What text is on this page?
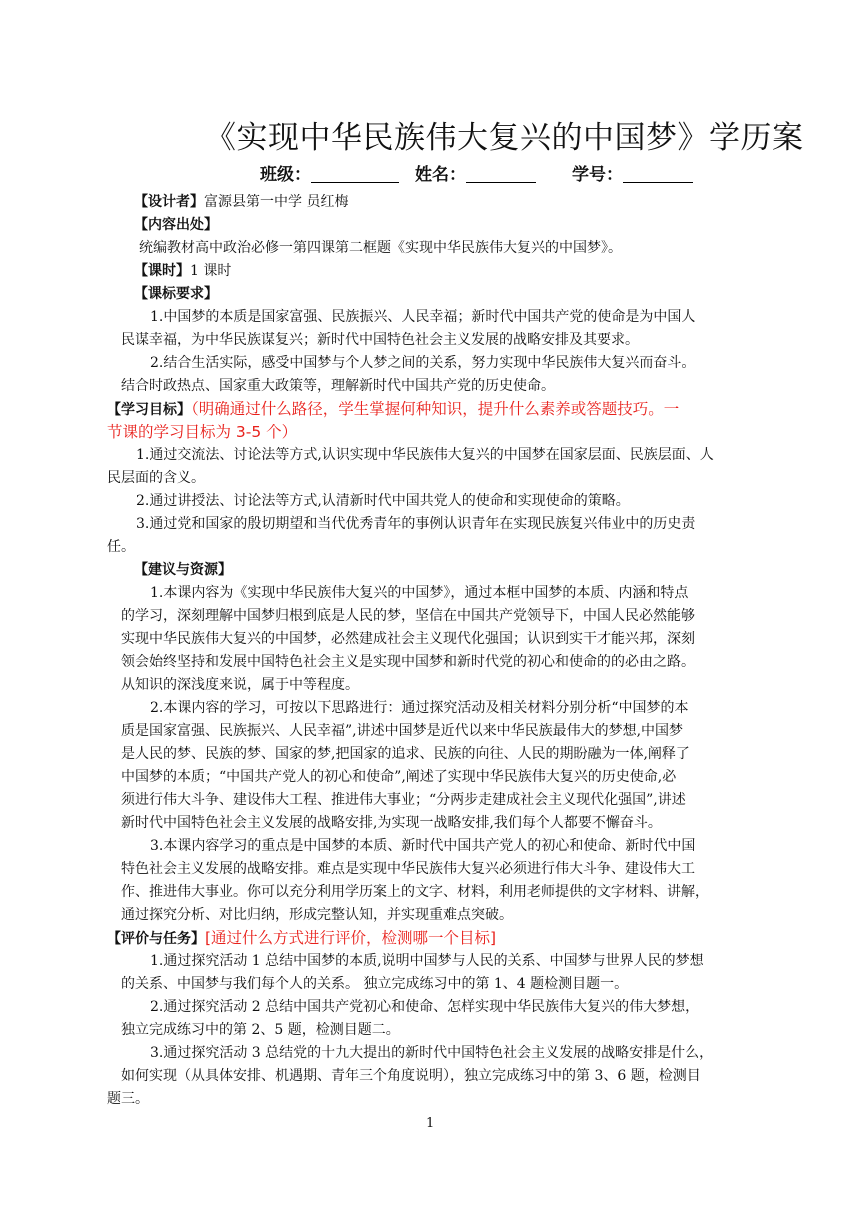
《实现中华民族伟大复兴的中国梦》学历案
班级：	姓名：	学号：
【设计者】富源县第一中学 员红梅
【内容出处】
统编教材高中政治必修一第四课第二框题《实现中华民族伟大复兴的中国梦》。
【课时】1 课时
【课标要求】
1.中国梦的本质是国家富强、民族振兴、人民幸福；新时代中国共产党的使命是为中国人
民谋幸福，为中华民族谋复兴；新时代中国特色社会主义发展的战略安排及其要求。
2.结合生活实际，感受中国梦与个人梦之间的关系，努力实现中华民族伟大复兴而奋斗。
结合时政热点、国家重大政策等，理解新时代中国共产党的历史使命。
【学习目标】（明确通过什么路径，学生掌握何种知识，提升什么素养或答题技巧。一
节课的学习目标为 3-5 个）
1.通过交流法、讨论法等方式,认识实现中华民族伟大复兴的中国梦在国家层面、民族层面、人
民层面的含义。
2.通过讲授法、讨论法等方式,认清新时代中国共党人的使命和实现使命的策略。
3.通过党和国家的殷切期望和当代优秀青年的事例认识青年在实现民族复兴伟业中的历史责
任。
【建议与资源】
1.本课内容为《实现中华民族伟大复兴的中国梦》，通过本框中国梦的本质、内涵和特点
的学习，深刻理解中国梦归根到底是人民的梦，坚信在中国共产党领导下，中国人民必然能够
实现中华民族伟大复兴的中国梦，必然建成社会主义现代化强国；认识到实干才能兴邦，深刻
领会始终坚持和发展中国特色社会主义是实现中国梦和新时代党的初心和使命的的必由之路。
从知识的深浅度来说，属于中等程度。
2.本课内容的学习，可按以下思路进行：通过探究活动及相关材料分别分析“中国梦的本
质是国家富强、民族振兴、人民幸福”,讲述中国梦是近代以来中华民族最伟大的梦想,中国梦
是人民的梦、民族的梦、国家的梦,把国家的追求、民族的向往、人民的期盼融为一体,阐释了
中国梦的本质；“中国共产党人的初心和使命”,阐述了实现中华民族伟大复兴的历史使命,必
须进行伟大斗争、建设伟大工程、推进伟大事业；“分两步走建成社会主义现代化强国”,讲述
新时代中国特色社会主义发展的战略安排,为实现一战略安排,我们每个人都要不懈奋斗。
3.本课内容学习的重点是中国梦的本质、新时代中国共产党人的初心和使命、新时代中国
特色社会主义发展的战略安排。难点是实现中华民族伟大复兴必须进行伟大斗争、建设伟大工
作、推进伟大事业。你可以充分利用学历案上的文字、材料，利用老师提供的文字材料、讲解，
通过探究分析、对比归纳，形成完整认知，并实现重难点突破。
【评价与任务】[通过什么方式进行评价，检测哪一个目标]
1.通过探究活动 1 总结中国梦的本质,说明中国梦与人民的关系、中国梦与世界人民的梦想
的关系、中国梦与我们每个人的关系。 独立完成练习中的第 1、4 题检测目题一。
2.通过探究活动 2 总结中国共产党初心和使命、怎样实现中华民族伟大复兴的伟大梦想，
独立完成练习中的第 2、5 题，检测目题二。
3.通过探究活动 3 总结党的十九大提出的新时代中国特色社会主义发展的战略安排是什么，
如何实现（从具体安排、机遇期、青年三个角度说明），独立完成练习中的第 3、6 题，检测目
题三。
1
